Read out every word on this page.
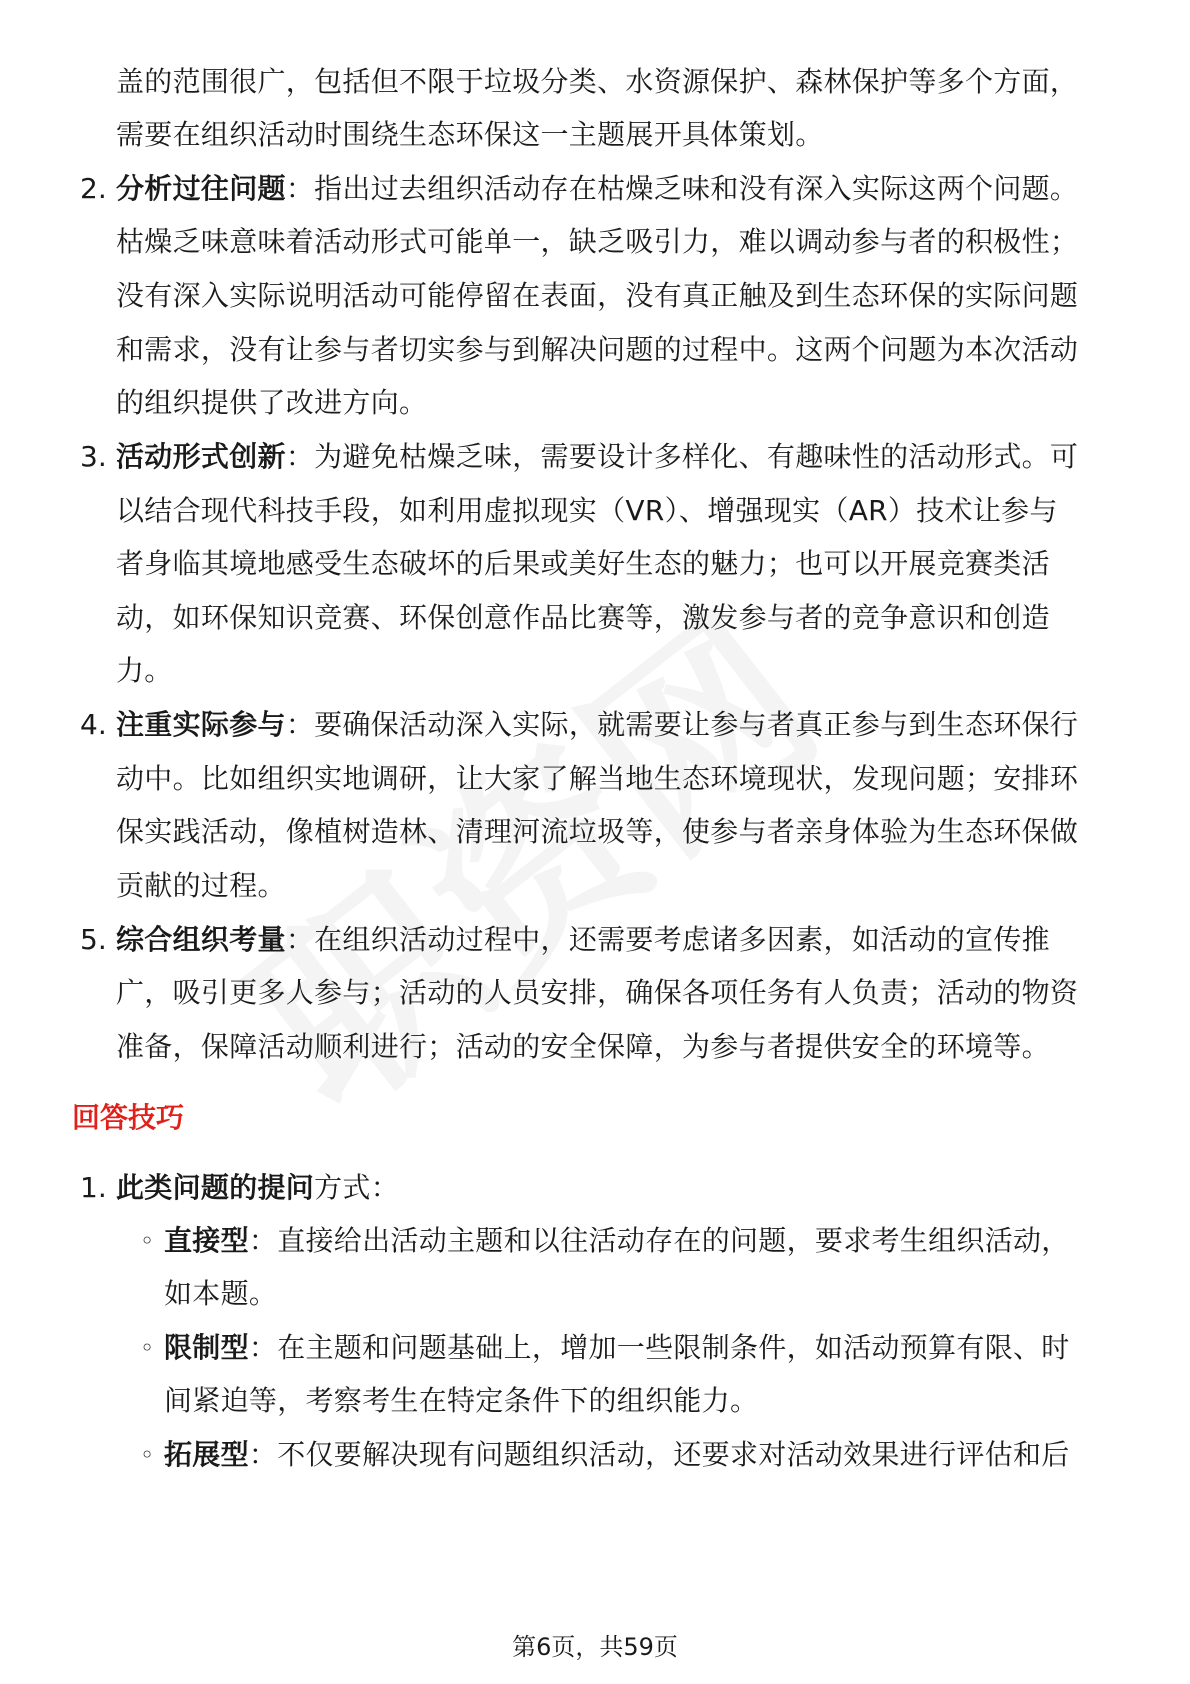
盖的范围很广，包括但不限于垃圾分类、水资源保护、森林保护等多个方面，
需要在组织活动时围绕生态环保这一主题展开具体策划。
2. 分析过往问题：指出过去组织活动存在枯燥乏味和没有深入实际这两个问题。
枯燥乏味意味着活动形式可能单一，缺乏吸引力，难以调动参与者的积极性；
没有深入实际说明活动可能停留在表面，没有真正触及到生态环保的实际问题
和需求，没有让参与者切实参与到解决问题的过程中。这两个问题为本次活动
的组织提供了改进方向。
3. 活动形式创新：为避免枯燥乏味，需要设计多样化、有趣味性的活动形式。可
以结合现代科技手段，如利用虚拟现实（VR）、增强现实（AR）技术让参与
者身临其境地感受生态破坏的后果或美好生态的魅力；也可以开展竞赛类活
动，如环保知识竞赛、环保创意作品比赛等，激发参与者的竞争意识和创造
力。
4. 注重实际参与：要确保活动深入实际，就需要让参与者真正参与到生态环保行
动中。比如组织实地调研，让大家了解当地生态环境现状，发现问题；安排环
保实践活动，像植树造林、清理河流垃圾等，使参与者亲身体验为生态环保做
贡献的过程。
5. 综合组织考量：在组织活动过程中，还需要考虑诸多因素，如活动的宣传推
广，吸引更多人参与；活动的人员安排，确保各项任务有人负责；活动的物资
准备，保障活动顺利进行；活动的安全保障，为参与者提供安全的环境等。
回答技巧
1. 此类问题的提问方式：
◦ 直接型：直接给出活动主题和以往活动存在的问题，要求考生组织活动，
如本题。
◦ 限制型：在主题和问题基础上，增加一些限制条件，如活动预算有限、时
间紧迫等，考察考生在特定条件下的组织能力。
◦ 拓展型：不仅要解决现有问题组织活动，还要求对活动效果进行评估和后
第6页，共59页
